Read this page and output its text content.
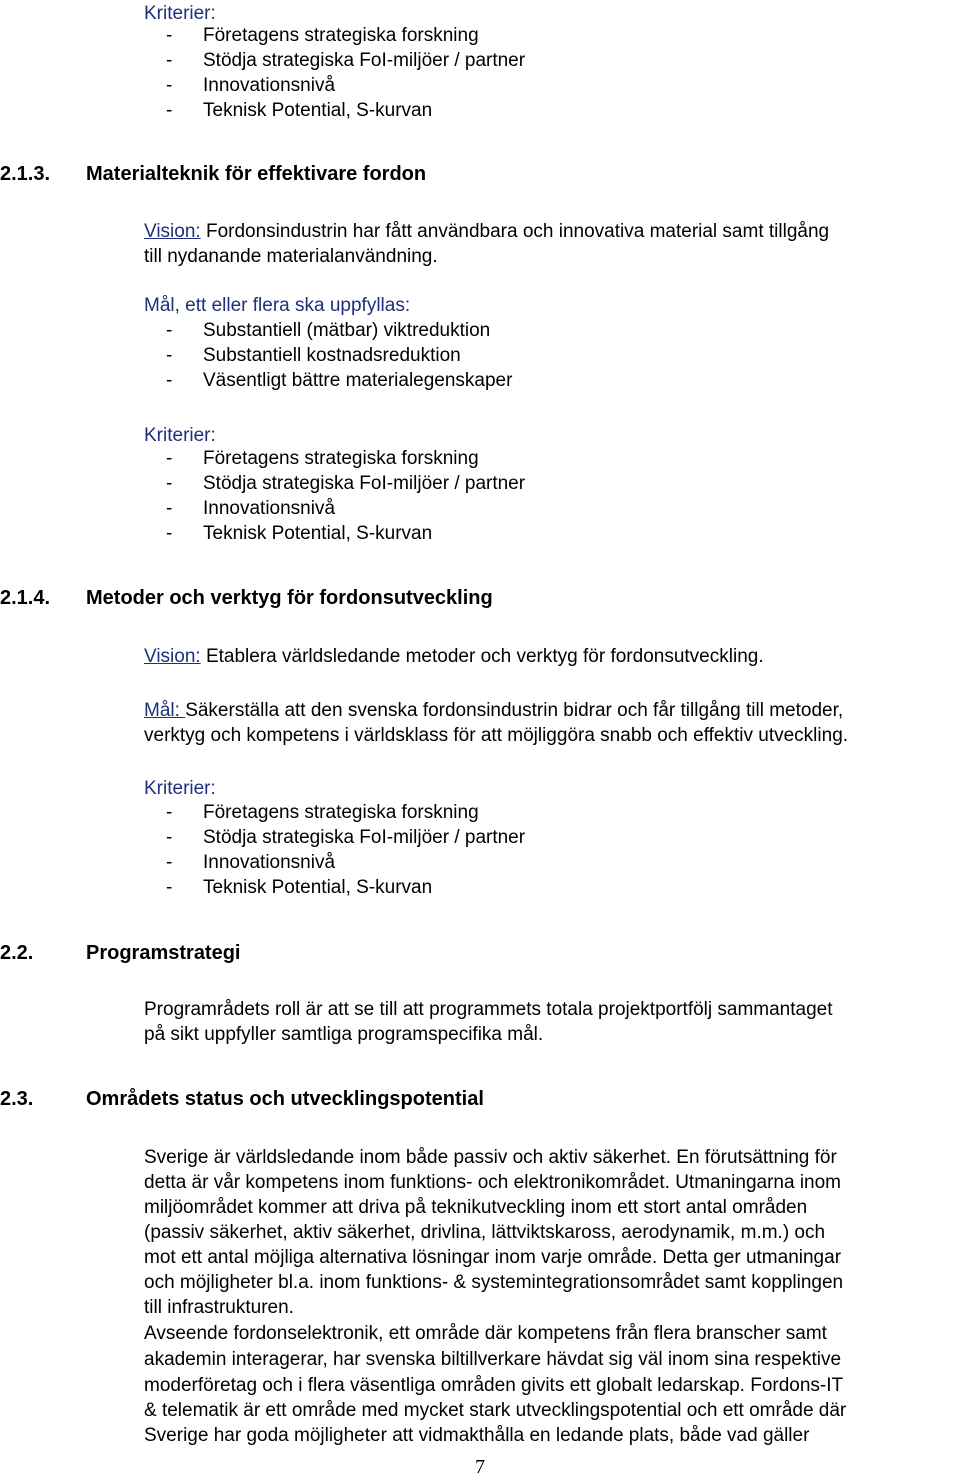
Kriterier:
- Företagens strategiska forskning
- Stödja strategiska FoI-miljöer / partner
- Innovationsnivå
- Teknisk Potential, S-kurvan
2.1.3. Materialteknik för effektivare fordon
Vision: Fordonsindustrin har fått användbara och innovativa material samt tillgång
till nydanande materialanvändning.
Mål, ett eller flera ska uppfyllas:
- Substantiell (mätbar) viktreduktion
- Substantiell kostnadsreduktion
- Väsentligt bättre materialegenskaper
Kriterier:
- Företagens strategiska forskning
- Stödja strategiska FoI-miljöer / partner
- Innovationsnivå
- Teknisk Potential, S-kurvan
2.1.4. Metoder och verktyg för fordonsutveckling
Vision: Etablera världsledande metoder och verktyg för fordonsutveckling.
Mål: Säkerställa att den svenska fordonsindustrin bidrar och får tillgång till metoder,
verktyg och kompetens i världsklass för att möjliggöra snabb och effektiv utveckling.
Kriterier:
- Företagens strategiska forskning
- Stödja strategiska FoI-miljöer / partner
- Innovationsnivå
- Teknisk Potential, S-kurvan
2.2.	Programstrategi
Programrådets roll är att se till att programmets totala projektportfölj sammantaget
på sikt uppfyller samtliga programspecifika mål.
2.3.	Områdets status och utvecklingspotential
Sverige är världsledande inom både passiv och aktiv säkerhet. En förutsättning för
detta är vår kompetens inom funktions- och elektronikområdet. Utmaningarna inom
miljöområdet kommer att driva på teknikutveckling inom ett stort antal områden
(passiv säkerhet, aktiv säkerhet, drivlina, lättviktskaross, aerodynamik, m.m.) och
mot ett antal möjliga alternativa lösningar inom varje område. Detta ger utmaningar
och möjligheter bl.a. inom funktions- & systemintegrationsområdet samt kopplingen
till infrastrukturen.
Avseende fordonselektronik, ett område där kompetens från flera branscher samt
akademin interagerar, har svenska biltillverkare hävdat sig väl inom sina respektive
moderföretag och i flera väsentliga områden givits ett globalt ledarskap. Fordons-IT
& telematik är ett område med mycket stark utvecklingspotential och ett område där
Sverige har goda möjligheter att vidmakthålla en ledande plats, både vad gäller
7
